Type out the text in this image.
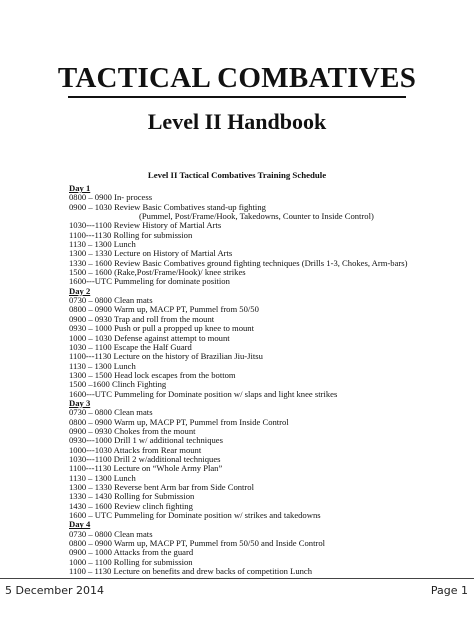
TACTICAL COMBATIVES
Level II Handbook
Level II Tactical Combatives Training Schedule
Day 1
0800 – 0900 In- process
0900 – 1030 Review Basic Combatives stand-up fighting
(Pummel, Post/Frame/Hook, Takedowns, Counter to Inside Control)
1030---1100 Review History of Martial Arts
1100---1130 Rolling for submission
1130 – 1300 Lunch
1300 – 1330 Lecture on History of Martial Arts
1330 – 1600 Review Basic Combatives ground fighting techniques (Drills 1-3, Chokes, Arm-bars)
1500 – 1600 (Rake,Post/Frame/Hook)/ knee strikes
1600---UTC Pummeling for dominate position
Day 2
0730 – 0800 Clean mats
0800 – 0900 Warm up, MACP PT, Pummel from 50/50
0900 – 0930 Trap and roll from the mount
0930 – 1000 Push or pull a propped up knee to mount
1000 – 1030 Defense against attempt to mount
1030 – 1100 Escape the Half Guard
1100---1130 Lecture on the history of Brazilian Jiu-Jitsu
1130 – 1300 Lunch
1300 – 1500 Head lock escapes from the bottom
1500 –1600 Clinch Fighting
1600---UTC Pummeling for Dominate position w/ slaps and light knee strikes
Day 3
0730 – 0800 Clean mats
0800 – 0900 Warm up, MACP PT, Pummel from Inside Control
0900 – 0930 Chokes from the mount
0930---1000 Drill 1 w/ additional techniques
1000---1030 Attacks from Rear mount
1030---1100 Drill 2 w/additional techniques
1100---1130 Lecture on “Whole Army Plan”
1130 – 1300 Lunch
1300 – 1330 Reverse bent Arm bar from Side Control
1330 – 1430 Rolling for Submission
1430 – 1600 Review clinch fighting
1600 – UTC Pummeling for Dominate position w/ strikes and takedowns
Day 4
0730 – 0800 Clean mats
0800 – 0900 Warm up, MACP PT, Pummel from 50/50 and Inside Control
0900 – 1000 Attacks from the guard
1000 – 1100 Rolling for submission
1100 – 1130 Lecture on benefits and drew backs of competition Lunch
5 December 2014	Page 1
